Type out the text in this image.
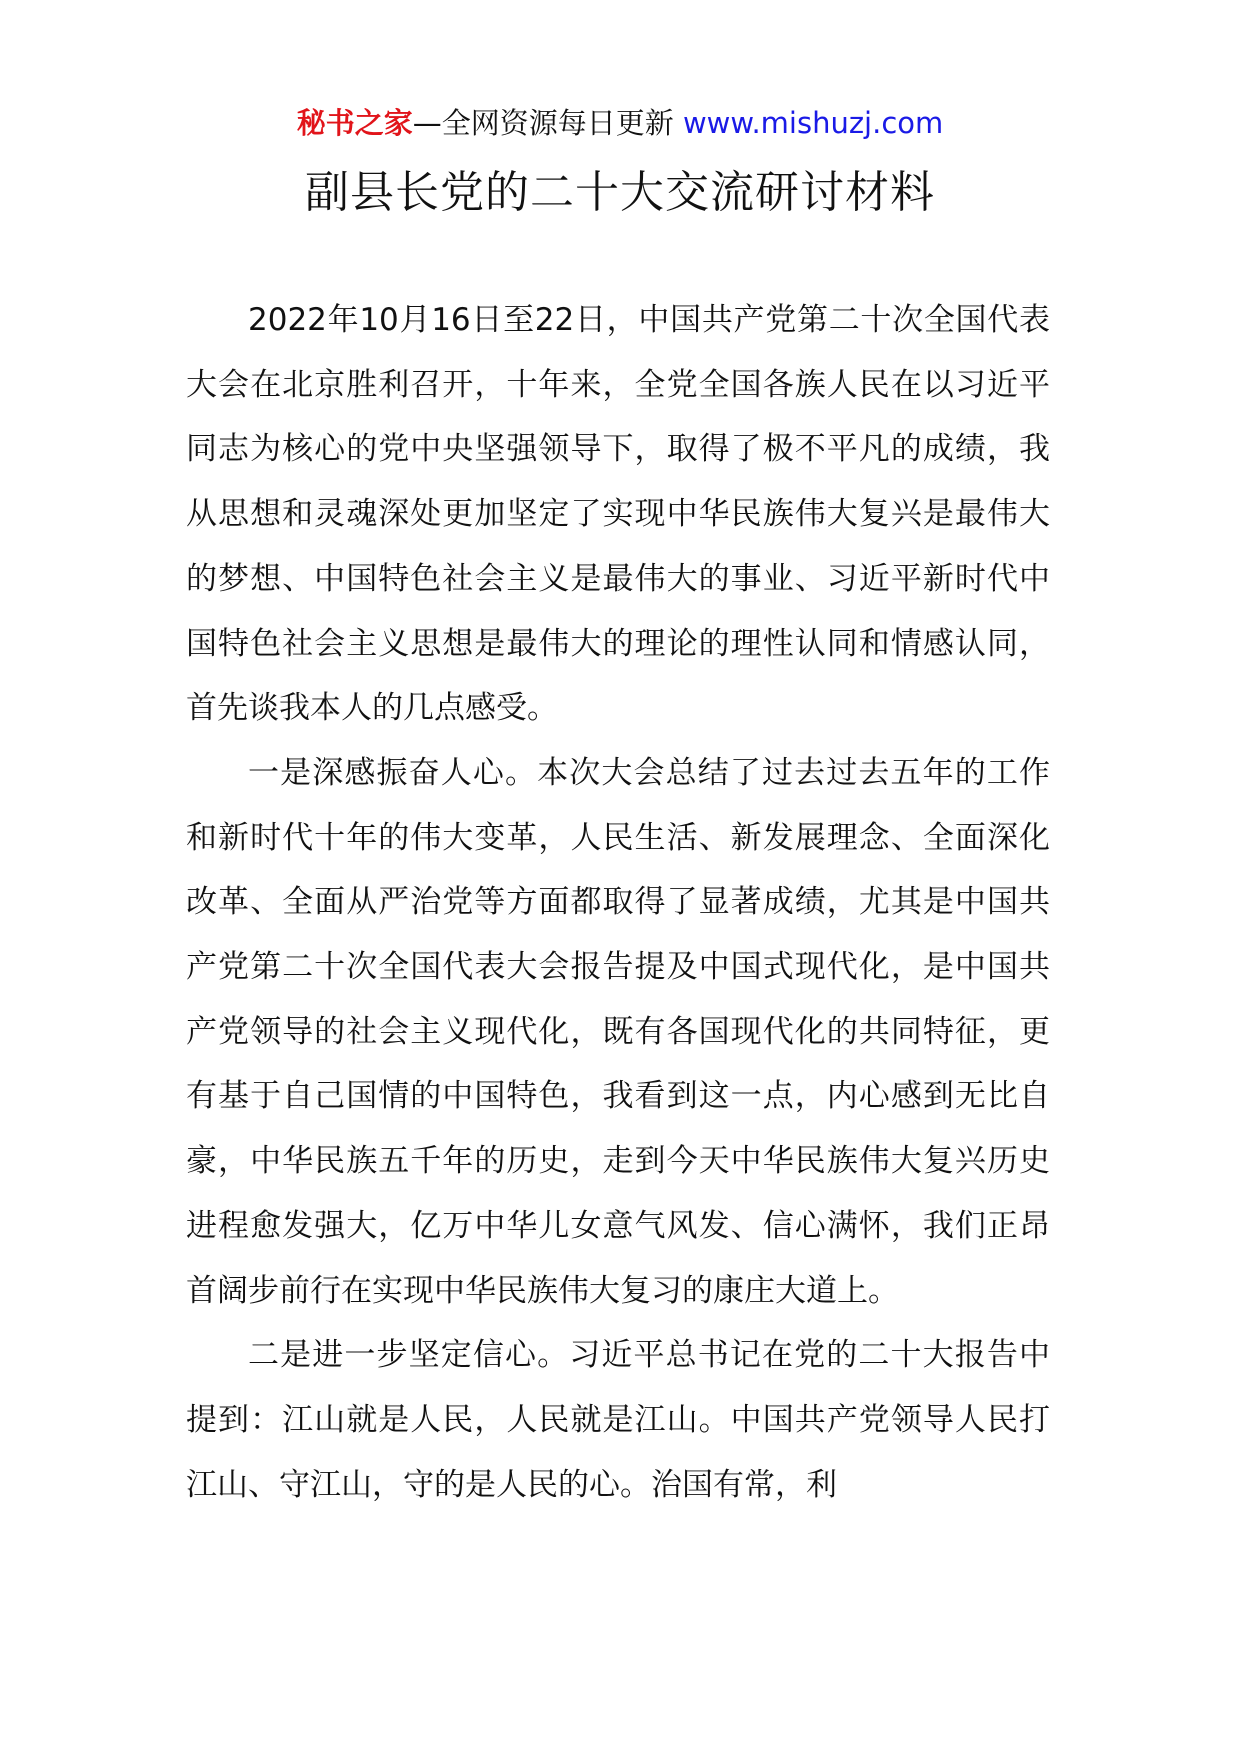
秘书之家—全网资源每日更新 www.mishuzj.com
副县长党的二十大交流研讨材料

2022年10月16日至22日，中国共产党第二十次全国代表大会在北京胜利召开，十年来，全党全国各族人民在以习近平同志为核心的党中央坚强领导下，取得了极不平凡的成绩，我从思想和灵魂深处更加坚定了实现中华民族伟大复兴是最伟大的梦想、中国特色社会主义是最伟大的事业、习近平新时代中国特色社会主义思想是最伟大的理论的理性认同和情感认同，首先谈我本人的几点感受。

一是深感振奋人心。本次大会总结了过去过去五年的工作和新时代十年的伟大变革，人民生活、新发展理念、全面深化改革、全面从严治党等方面都取得了显著成绩，尤其是中国共产党第二十次全国代表大会报告提及中国式现代化，是中国共产党领导的社会主义现代化，既有各国现代化的共同特征，更有基于自己国情的中国特色，我看到这一点，内心感到无比自豪，中华民族五千年的历史，走到今天中华民族伟大复兴历史进程愈发强大，亿万中华儿女意气风发、信心满怀，我们正昂首阔步前行在实现中华民族伟大复习的康庄大道上。

二是进一步坚定信心。习近平总书记在党的二十大报告中提到：江山就是人民，人民就是江山。中国共产党领导人民打江山、守江山，守的是人民的心。治国有常，利
